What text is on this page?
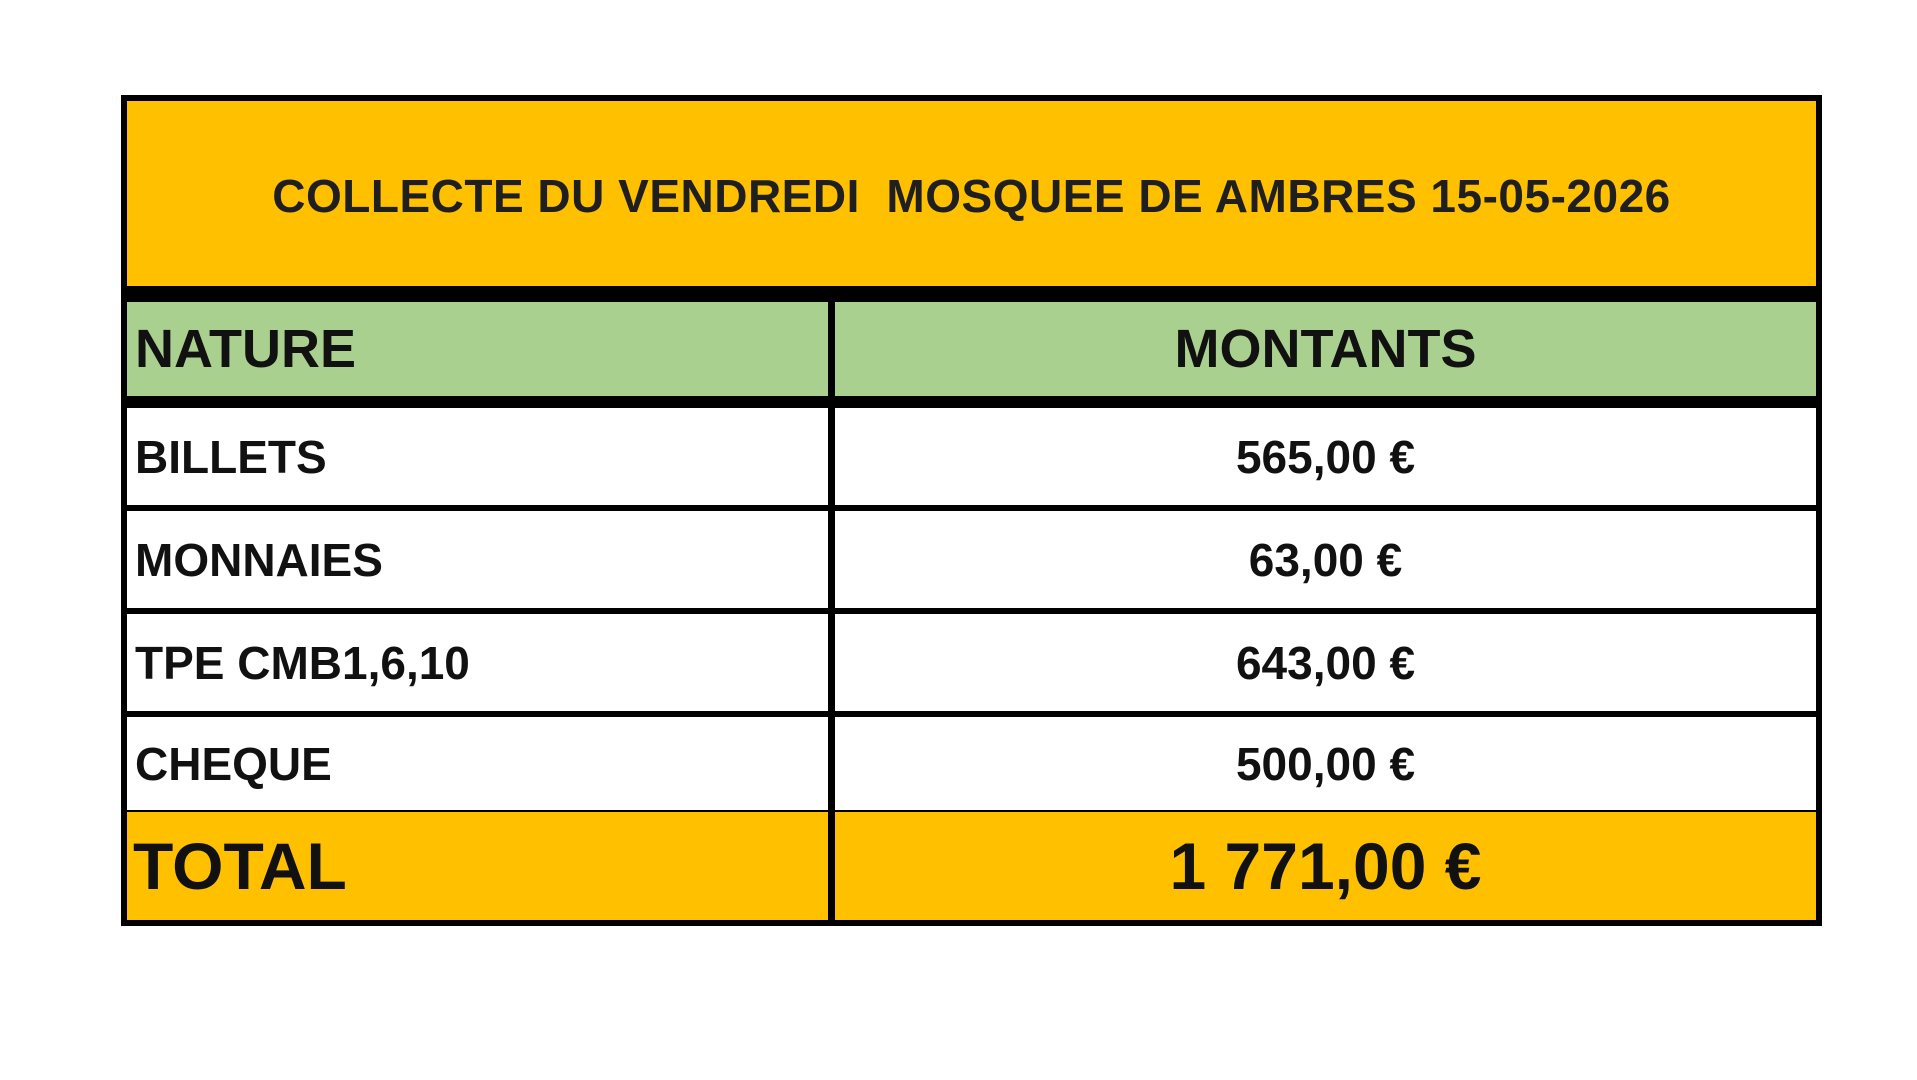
COLLECTE DU VENDREDI  MOSQUEE DE AMBRES 15-05-2026
NATURE	MONTANTS
BILLETS	565,00 €
MONNAIES	63,00 €
TPE CMB1,6,10	643,00 €
CHEQUE	500,00 €
TOTAL	1 771,00 €
